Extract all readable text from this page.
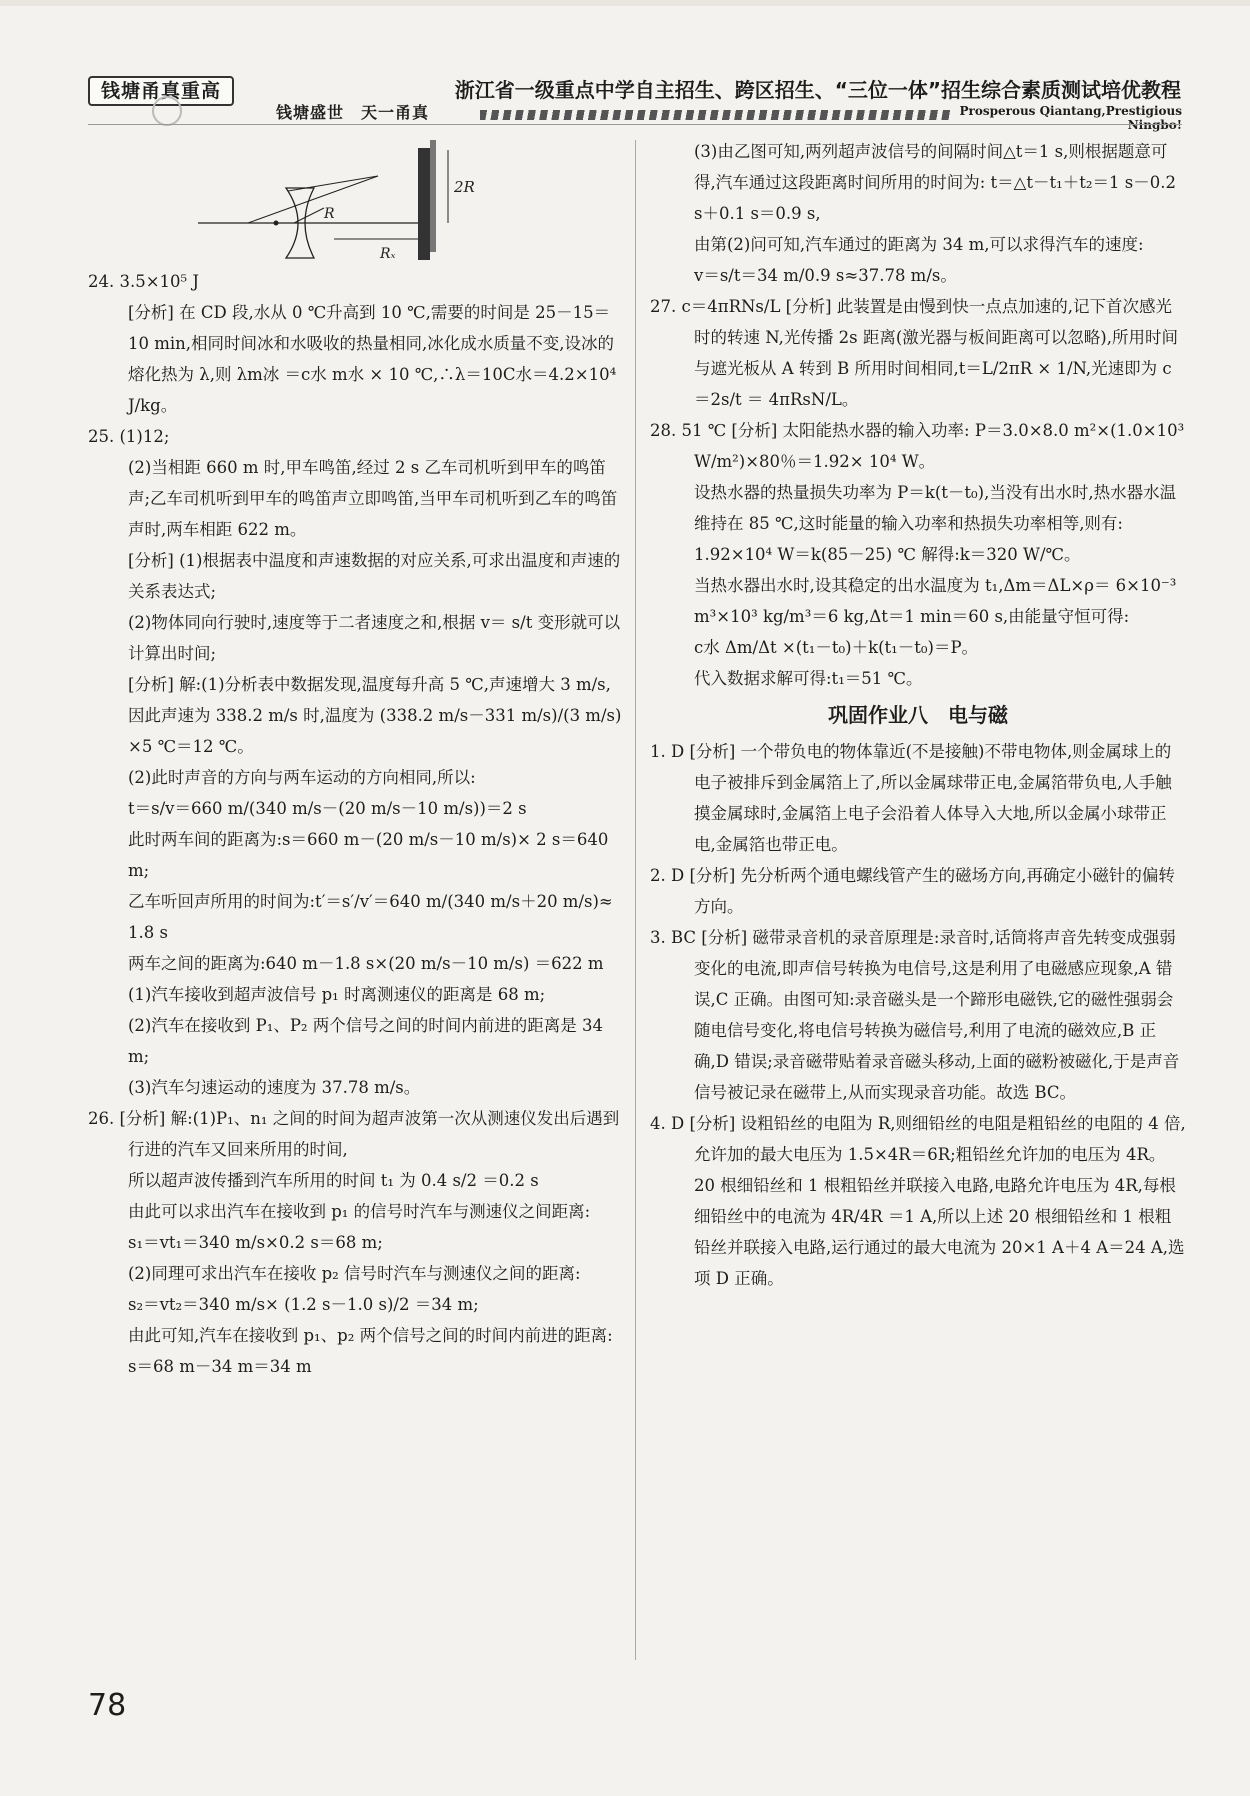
钱塘甬真重高
钱塘盛世　天一甬真
浙江省一级重点中学自主招生、跨区招生、“三位一体”招生综合素质测试培优教程
Prosperous Qiantang,Prestigious Ningbo!
2R
R
Rₓ

24. 3.5×10⁵ J

[分析] 在 CD 段,水从 0 ℃升高到 10 ℃,需要的时间是 25－15＝10 min,相同时间冰和水吸收的热量相同,冰化成水质量不变,设冰的熔化热为 λ,则 λm冰 ＝c水 m水 × 10 ℃,∴λ＝10C水＝4.2×10⁴ J/kg。

25. (1)12;

(2)当相距 660 m 时,甲车鸣笛,经过 2 s 乙车司机听到甲车的鸣笛声;乙车司机听到甲车的鸣笛声立即鸣笛,当甲车司机听到乙车的鸣笛声时,两车相距 622 m。

[分析] (1)根据表中温度和声速数据的对应关系,可求出温度和声速的关系表达式;

(2)物体同向行驶时,速度等于二者速度之和,根据 v＝ s/t 变形就可以计算出时间;

[分析] 解:(1)分析表中数据发现,温度每升高 5 ℃,声速增大 3 m/s,因此声速为 338.2 m/s 时,温度为 (338.2 m/s－331 m/s)/(3 m/s) ×5 ℃＝12 ℃。

(2)此时声音的方向与两车运动的方向相同,所以:

t＝s/v＝660 m/(340 m/s－(20 m/s－10 m/s))＝2 s

此时两车间的距离为:s＝660 m－(20 m/s－10 m/s)× 2 s＝640 m;

乙车听回声所用的时间为:t′＝s′/v′＝640 m/(340 m/s＋20 m/s)≈ 1.8 s

两车之间的距离为:640 m－1.8 s×(20 m/s－10 m/s) ＝622 m

(1)汽车接收到超声波信号 p₁ 时离测速仪的距离是 68 m;

(2)汽车在接收到 P₁、P₂ 两个信号之间的时间内前进的距离是 34 m;

(3)汽车匀速运动的速度为 37.78 m/s。

26. [分析] 解:(1)P₁、n₁ 之间的时间为超声波第一次从测速仪发出后遇到行进的汽车又回来所用的时间,

所以超声波传播到汽车所用的时间 t₁ 为 0.4 s/2 ＝0.2 s

由此可以求出汽车在接收到 p₁ 的信号时汽车与测速仪之间距离:

s₁＝vt₁＝340 m/s×0.2 s＝68 m;

(2)同理可求出汽车在接收 p₂ 信号时汽车与测速仪之间的距离:

s₂＝vt₂＝340 m/s× (1.2 s－1.0 s)/2 ＝34 m;

由此可知,汽车在接收到 p₁、p₂ 两个信号之间的时间内前进的距离:

s＝68 m－34 m＝34 m

(3)由乙图可知,两列超声波信号的间隔时间△t＝1 s,则根据题意可得,汽车通过这段距离时间所用的时间为: t＝△t－t₁＋t₂＝1 s－0.2 s＋0.1 s＝0.9 s,

由第(2)问可知,汽车通过的距离为 34 m,可以求得汽车的速度:

v＝s/t＝34 m/0.9 s≈37.78 m/s。

27. c＝4πRNs/L [分析] 此装置是由慢到快一点点加速的,记下首次感光时的转速 N,光传播 2s 距离(激光器与板间距离可以忽略),所用时间与遮光板从 A 转到 B 所用时间相同,t＝L/2πR × 1/N,光速即为 c＝2s/t ＝ 4πRsN/L。

28. 51 ℃ [分析] 太阳能热水器的输入功率: P＝3.0×8.0 m²×(1.0×10³ W/m²)×80％＝1.92× 10⁴ W。

设热水器的热量损失功率为 P＝k(t－t₀),当没有出水时,热水器水温维持在 85 ℃,这时能量的输入功率和热损失功率相等,则有:

1.92×10⁴ W＝k(85－25) ℃ 解得:k＝320 W/℃。

当热水器出水时,设其稳定的出水温度为 t₁,Δm＝ΔL×ρ＝ 6×10⁻³ m³×10³ kg/m³＝6 kg,Δt＝1 min＝60 s,由能量守恒可得:

c水 Δm/Δt ×(t₁－t₀)＋k(t₁－t₀)＝P。

代入数据求解可得:t₁＝51 ℃。

巩固作业八　电与磁

1. D [分析] 一个带负电的物体靠近(不是接触)不带电物体,则金属球上的电子被排斥到金属箔上了,所以金属球带正电,金属箔带负电,人手触摸金属球时,金属箔上电子会沿着人体导入大地,所以金属小球带正电,金属箔也带正电。

2. D [分析] 先分析两个通电螺线管产生的磁场方向,再确定小磁针的偏转方向。

3. BC [分析] 磁带录音机的录音原理是:录音时,话筒将声音先转变成强弱变化的电流,即声信号转换为电信号,这是利用了电磁感应现象,A 错误,C 正确。由图可知:录音磁头是一个蹄形电磁铁,它的磁性强弱会随电信号变化,将电信号转换为磁信号,利用了电流的磁效应,B 正确,D 错误;录音磁带贴着录音磁头移动,上面的磁粉被磁化,于是声音信号被记录在磁带上,从而实现录音功能。故选 BC。

4. D [分析] 设粗铅丝的电阻为 R,则细铅丝的电阻是粗铅丝的电阻的 4 倍,允许加的最大电压为 1.5×4R＝6R;粗铅丝允许加的电压为 4R。20 根细铅丝和 1 根粗铅丝并联接入电路,电路允许电压为 4R,每根细铅丝中的电流为 4R/4R ＝1 A,所以上述 20 根细铅丝和 1 根粗铅丝并联接入电路,运行通过的最大电流为 20×1 A＋4 A＝24 A,选项 D 正确。

78
